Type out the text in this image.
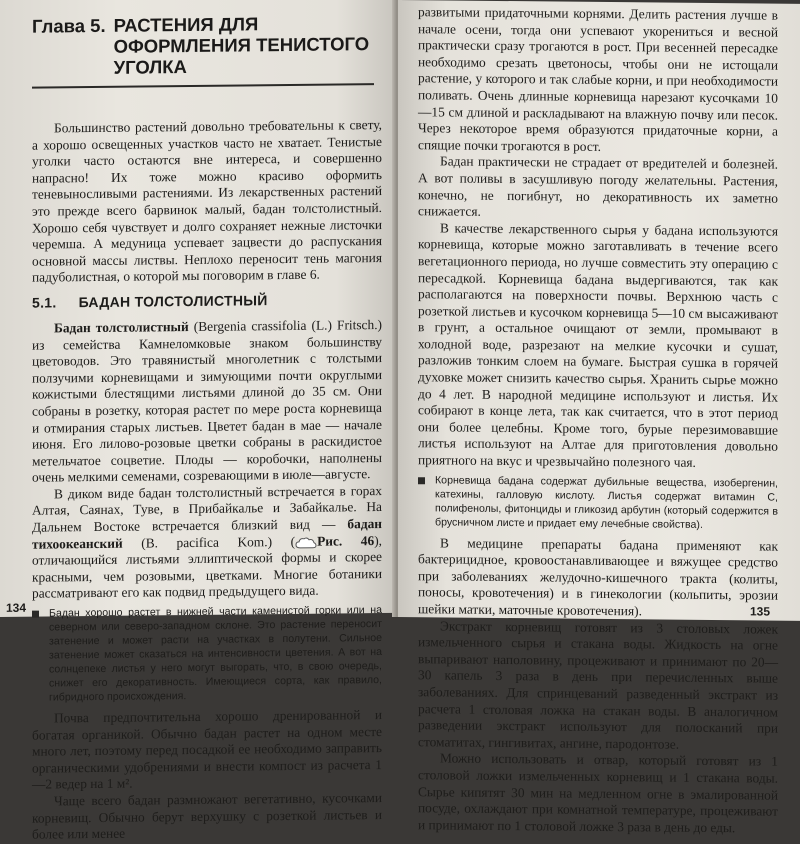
Глава 5. РАСТЕНИЯ ДЛЯ ОФОРМЛЕНИЯ ТЕНИСТОГО УГОЛКА

Большинство растений довольно требовательны к свету, а хорошо освещенных участков часто не хватает. Тенистые уголки часто остаются вне интереса, и совершенно напрасно! Их тоже можно красиво оформить теневыносливыми растениями. Из лекарственных растений это прежде всего барвинок малый, бадан толстолистный. Хорошо себя чувствует и долго сохраняет нежные листочки черемша. А медуница успевает зацвести до распускания основной массы листвы. Неплохо переносит тень магония падуболистная, о которой мы поговорим в главе 6.

5.1. БАДАН ТОЛСТОЛИСТНЫЙ

Бадан толстолистный (Bergenia crassifolia (L.) Fritsch.) из семейства Камнеломковые знаком большинству цветоводов. Это травянистый многолетник с толстыми ползучими корневищами и зимующими почти округлыми кожистыми блестящими листьями длиной до 35 см. Они собраны в розетку, которая растет по мере роста корневища и отмирания старых листьев. Цветет бадан в мае — начале июня. Его лилово-розовые цветки собраны в раскидистое метельчатое соцветие. Плоды — коробочки, наполнены очень мелкими семенами, созревающими в июле—августе.

В диком виде бадан толстолистный встречается в горах Алтая, Саянах, Туве, в Прибайкалье и Забайкалье. На Дальнем Востоке встречается близкий вид — бадан тихоокеанский (B. pacifica Kom.) ( Рис. 46), отличающийся листьями эллиптической формы и скорее красными, чем розовыми, цветками. Многие ботаники рассматривают его как подвид предыдущего вида.

Бадан хорошо растет в нижней части каменистой горки или на северном или северо-западном склоне. Это растение переносит затенение и может расти на участках в полутени. Сильное затенение может сказаться на интенсивности цветения. А вот на солнцепеке листья у него могут выгорать, что, в свою очередь, снижет его декоративность. Имеющиеся сорта, как правило, гибридного происхождения.

Почва предпочтительна хорошо дренированной и богатая органикой. Обычно бадан растет на одном месте много лет, поэтому перед посадкой ее необходимо заправить органическими удобрениями и внести компост из расчета 1—2 ведер на 1 м².

Чаще всего бадан размножают вегетативно, кусочками корневищ. Обычно берут верхушку с розеткой листьев и более или менее

134

развитыми придаточными корнями. Делить растения лучше в начале осени, тогда они успевают укорениться и весной практически сразу трогаются в рост. При весенней пересадке необходимо срезать цветоносы, чтобы они не истощали растение, у которого и так слабые корни, и при необходимости поливать. Очень длинные корневища нарезают кусочками 10—15 см длиной и раскладывают на влажную почву или песок. Через некоторое время образуются придаточные корни, а спящие почки трогаются в рост.

Бадан практически не страдает от вредителей и болезней. А вот поливы в засушливую погоду желательны. Растения, конечно, не погибнут, но декоративность их заметно снижается.

В качестве лекарственного сырья у бадана используются корневища, которые можно заготавливать в течение всего вегетационного периода, но лучше совместить эту операцию с пересадкой. Корневища бадана выдергиваются, так как располагаются на поверхности почвы. Верхнюю часть с розеткой листьев и кусочком корневища 5—10 см высаживают в грунт, а остальное очищают от земли, промывают в холодной воде, разрезают на мелкие кусочки и сушат, разложив тонким слоем на бумаге. Быстрая сушка в горячей духовке может снизить качество сырья. Хранить сырье можно до 4 лет. В народной медицине используют и листья. Их собирают в конце лета, так как считается, что в этот период они более целебны. Кроме того, бурые перезимовавшие листья используют на Алтае для приготовления довольно приятного на вкус и чрезвычайно полезного чая.

Корневища бадана содержат дубильные вещества, изобергенин, катехины, галловую кислоту. Листья содержат витамин С, полифенолы, фитонциды и гликозид арбутин (который содержится в брусничном листе и придает ему лечебные свойства).

В медицине препараты бадана применяют как бактерицидное, кровоостанавливающее и вяжущее средство при заболеваниях желудочно-кишечного тракта (колиты, поносы, кровотечения) и в гинекологии (кольпиты, эрозии шейки матки, маточные кровотечения).

Экстракт корневищ готовят из 3 столовых ложек измельченного сырья и стакана воды. Жидкость на огне выпаривают наполовину, процеживают и принимают по 20—30 капель 3 раза в день при перечисленных выше заболеваниях. Для спринцеваний разведенный экстракт из расчета 1 столовая ложка на стакан воды. В аналогичном разведении экстракт используют для полосканий при стоматитах, гингивитах, ангине, пародонтозе.

Можно использовать и отвар, который готовят из 1 столовой ложки измельченных корневищ и 1 стакана воды. Сырье кипятят 30 мин на медленном огне в эмалированной посуде, охлаждают при комнатной температуре, процеживают и принимают по 1 столовой ложке 3 раза в день до еды.

135
